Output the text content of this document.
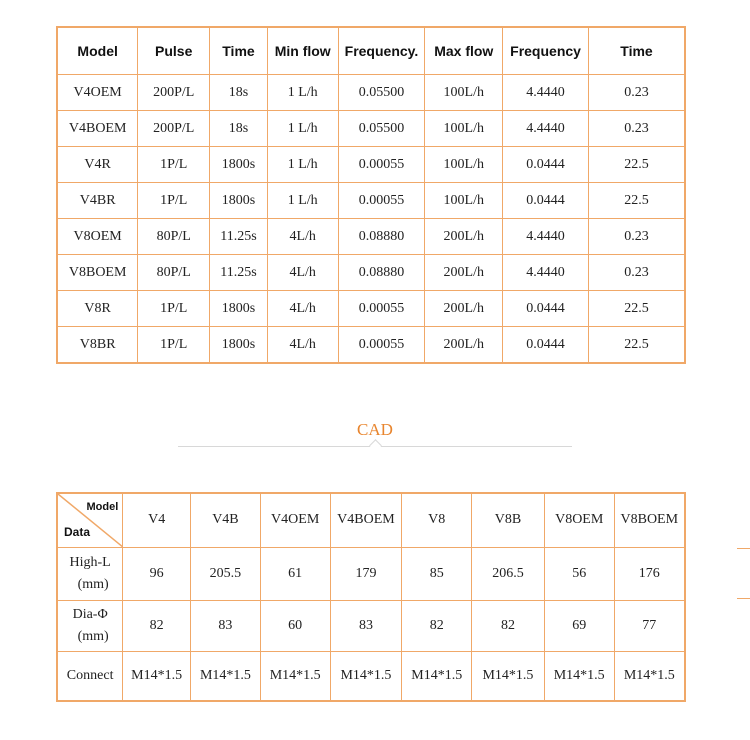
Model	Pulse	Time	Min flow	Frequency.	Max flow	Frequency	Time
V4OEM	200P/L	18s	1 L/h	0.05500	100L/h	4.4440	0.23
V4BOEM	200P/L	18s	1 L/h	0.05500	100L/h	4.4440	0.23
V4R	1P/L	1800s	1 L/h	0.00055	100L/h	0.0444	22.5
V4BR	1P/L	1800s	1 L/h	0.00055	100L/h	0.0444	22.5
V8OEM	80P/L	11.25s	4L/h	0.08880	200L/h	4.4440	0.23
V8BOEM	80P/L	11.25s	4L/h	0.08880	200L/h	4.4440	0.23
V8R	1P/L	1800s	4L/h	0.00055	200L/h	0.0444	22.5
V8BR	1P/L	1800s	4L/h	0.00055	200L/h	0.0444	22.5
CAD
Model
Data	V4	V4B	V4OEM	V4BOEM	V8	V8B	V8OEM	V8BOEM

High-L
(mm)	96	205.5	61	179	85	206.5	56	176

Dia-Φ
(mm)	82	83	60	83	82	82	69	77
Connect	M14*1.5	M14*1.5	M14*1.5	M14*1.5	M14*1.5	M14*1.5	M14*1.5	M14*1.5
